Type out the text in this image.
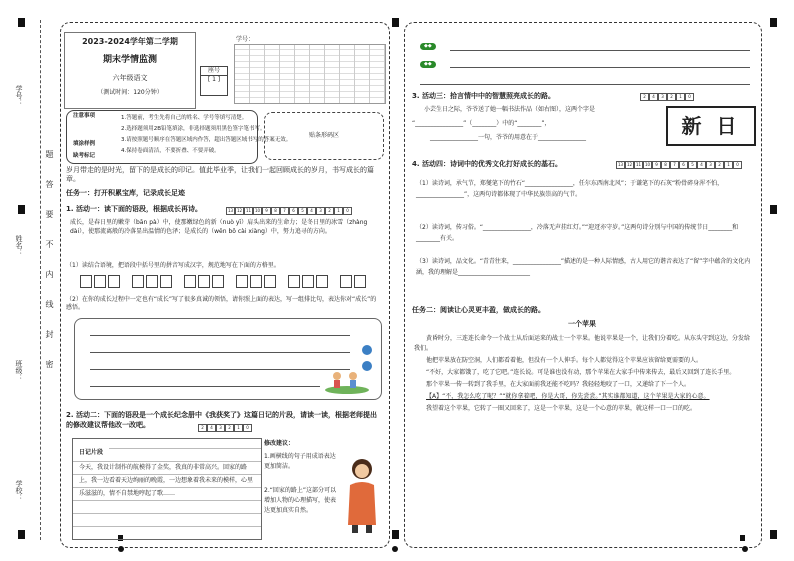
学号：
姓名：
班级：
学校：
题
答
要
不
内
线
封
密
2023-2024学年第二学期
期末学情监测
六年级语文
（测试时间：120分钟）
座号
[ 1 ]
学号：
注意事项
填涂样例
缺考标记
1.答题前，考生先将自己的姓名、学号等填写清楚。
2.选择题须用2B铅笔填涂，非选择题须用黑色签字笔书写。
3.请按照题号顺序在答题区域内作答，超出答题区域书写的答案无效。
4.保持卷面清洁，不要折叠、不要弄破。
贴条形码区
岁月带走的是时光，留下的是成长的印记。值此毕业季，让我们一起回顾成长的岁月，书写成长的篇章。
任务一：打开积累宝库，记录成长足迹
1. 活动一：读下面的语段，根据成长再诗。	13 12 11 10	9	8	7	6	5	4	3	2	1	0
成长，是春日里的嫩芽（bān pà）中，使那嫩绿色的新（nuò yī）肩头出来的生命力；是冬日里的冰雪（zhàng dài），使那流离般的冷落显出温情的色泽；是成长的（wěn bō cài xiàng）中，努力追寻的方向。
（1）读结合语境，把语段中括号里的拼音写成汉字，规范地写在下面的方格里。
（2）在你的成长过程中一定也有“成长”写了很多真诚的领悟，请你照上面的表达，写一组排比句，表达你对“成长”的感悟。
2. 活动二：下面的语段是一个成长纪念册中《我获奖了》这篇日记的片段，请读一读，根据老师提出的修改建议帮他改一改吧。	2	4	3	2	1	0
日记片段
今天，我设计制作的航模得了金奖，我真的非常高兴。回家的路上，我一边看着天边绚丽的晚霞，一边想象着我未来的模样，心里乐滋滋的，情不自禁地哼起了歌……
修改建议：
1.画横线的句子用成语表达更加简洁。
2.“回家的路上”这部分可以增加人物的心理描写，使表达更加真实自然。
◆◆
◆◆
3. 活动三：拾言情中中的智慧照亮成长的路。	2	4	3	2	1	0
小芸生日之际，爷爷送了她一幅书法作品（如右图），这两个字是
“________________”（________）中的“________”，
________________一句，爷爷的用意在于________________	新 日
4. 活动四：诗词中的优秀文化打好成长的基石。	13 12 11 10	9	8	7	6	5	4	3	2	1	0
（1）读诗词，承气节，郑燮笔下的竹石“________________，任尔东西南北风”；于谦笔下的石灰“粉骨碎身浑不怕，________________”，这两句诗都体现了中华民族崇高的气节。
（2）读诗词，传习俗。“________________，冷落无声挂红灯。”“迎迓亦守岁。”这两句诗分别与中国的传统节日________和________有关。
（3）读诗词，品文化。“青青往来，________________”描述的是一种人际情感，古人用它的谐音表达了“留”字中蕴含的文化内涵，我的理解是________________________
任务二：阅读让心灵更丰盈，做成长的路。
一个苹果

黄昏时分，三连连长命令一个战士从后面运来的战士一个苹果。他说苹果是一个，让我们分着吃。从东头守到这边，分发给我们。

他把苹果放在防空洞，人们都看着他，但没有一个人伸手。每个人都觉得这个苹果应该留给更需要的人。

“不好，大家都饿了，吃了它吧。”连长说。可是谁也没有动，那个苹果在大家手中传来传去，最后又回到了连长手里。

那个苹果一传一转到了我手里，在大家面前我还能不吃吗？我轻轻地咬了一口，又递给了下一个人。

【A】“不，我怎么吃了呢？”“就你拿着吧，你是大哥，你先尝尝。”其实谁都知道，这个苹果是大家的心意。

我望着这个苹果，它转了一圈又回来了，这是一个苹果，这是一个心意的苹果，就这样一口一口的吃。
